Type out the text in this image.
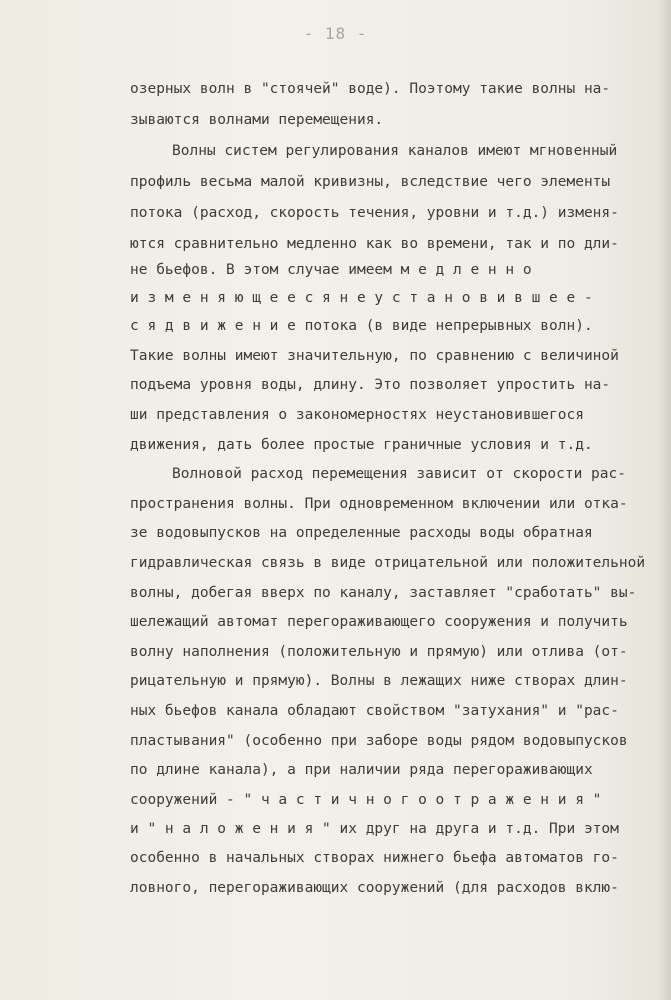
- 18 -
озерных волн в "стоячей" воде). Поэтому такие волны на-
зываются волнами перемещения.
Волны систем регулирования каналов имеют мгновенный
профиль весьма малой кривизны, вследствие чего элементы
потока (расход, скорость течения, уровни и т.д.) изменя-
ются сравнительно медленно как во времени, так и по дли-
не бьефов. В этом случае имеем м е д л е н н о
и з м е н я ю щ е е с я н е у с т а н о в и в ш е е -
с я д в и ж е н и е потока (в виде непрерывных волн).
Такие волны имеют значительную, по сравнению с величиной
подъема уровня воды, длину. Это позволяет упростить на-
ши представления о закономерностях неустановившегося
движения, дать более простые граничные условия и т.д.
Волновой расход перемещения зависит от скорости рас-
пространения волны. При одновременном включении или отка-
зе водовыпусков на определенные расходы воды обратная
гидравлическая связь в виде отрицательной или положительной
волны, добегая вверх по каналу, заставляет "сработать" вы-
шележащий автомат перегораживающего сооружения и получить
волну наполнения (положительную и прямую) или отлива (от-
рицательную и прямую). Волны в лежащих ниже створах длин-
ных бьефов канала обладают свойством "затухания" и "рас-
пластывания" (особенно при заборе воды рядом водовыпусков
по длине канала), а при наличии ряда перегораживающих
сооружений - " ч а с т и ч н о г о о т р а ж е н и я "
и " н а л о ж е н и я " их друг на друга и т.д. При этом
особенно в начальных створах нижнего бьефа автоматов го-
ловного, перегораживающих сооружений (для расходов вклю-
